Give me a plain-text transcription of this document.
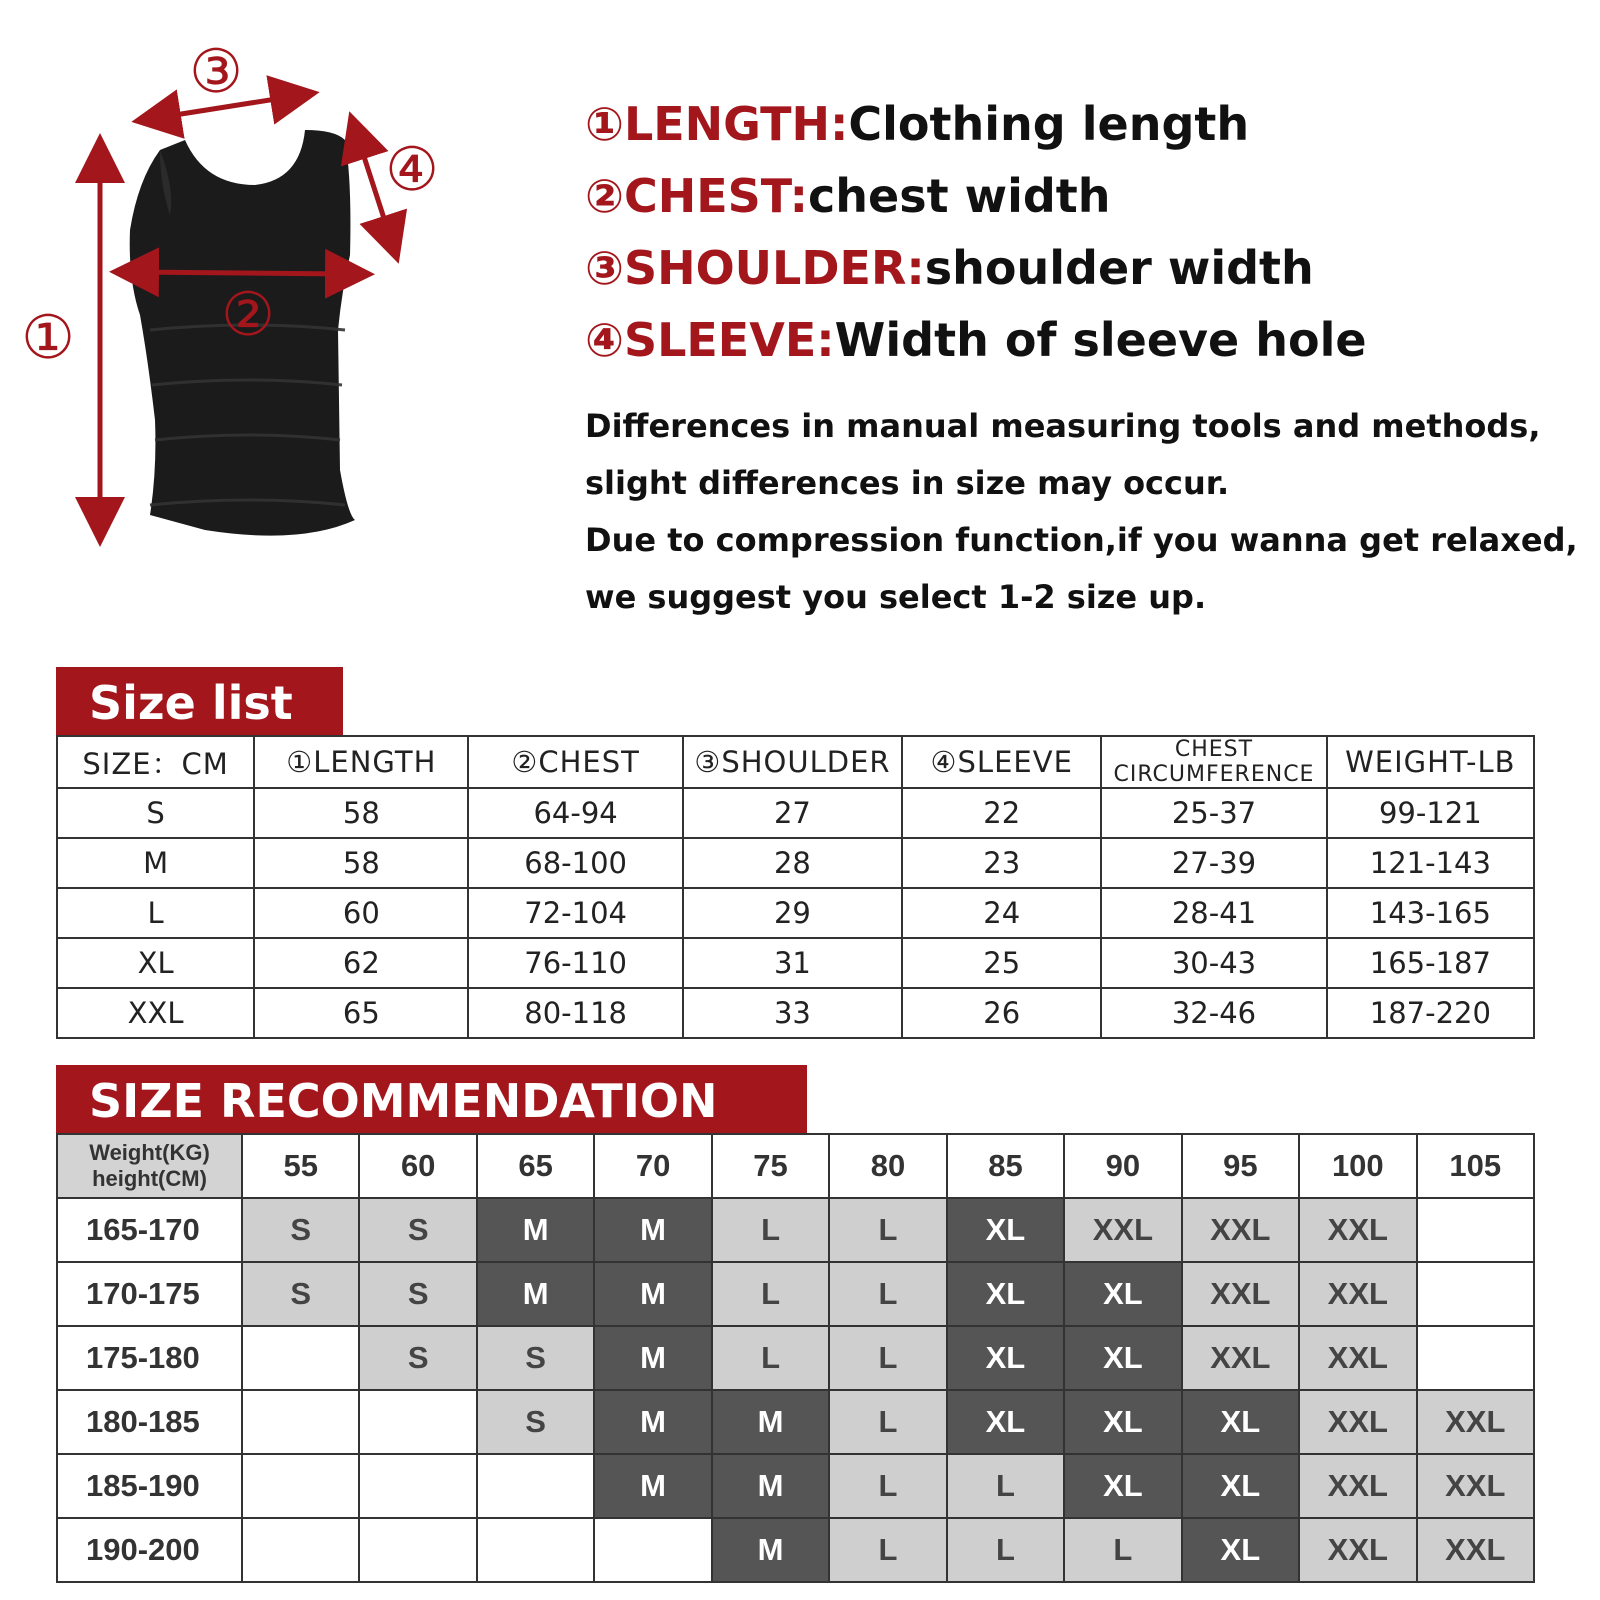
① ②
③
④
①LENGTH: Clothing length
②CHEST: chest width
③SHOULDER: shoulder width
④SLEEVE: Width of sleeve hole
Differences in manual measuring tools and methods,
slight differences in size may occur.
Due to compression function,if you wanna get relaxed,
we suggest you select 1-2 size up.
Size list
SIZE：CM	①LENGTH	②CHEST	③SHOULDER	④SLEEVE	CHEST CIRCUMFERENCE	WEIGHT-LB
S	58	64-94	27	22	25-37	99-121
M	58	68-100	28	23	27-39	121-143
L	60	72-104	29	24	28-41	143-165
XL	62	76-110	31	25	30-43	165-187
XXL	65	80-118	33	26	32-46	187-220
SIZE RECOMMENDATION
Weight(KG)
height(CM)	55	60	65	70	75	80	85	90	95	100	105
165-170	S	S	M	M	L	L	XL	XXL	XXL	XXL	
170-175	S	S	M	M	L	L	XL	XL	XXL	XXL	
175-180		S	S	M	L	L	XL	XL	XXL	XXL	
180-185			S	M	M	L	XL	XL	XL	XXL	XXL
185-190				M	M	L	L	XL	XL	XXL	XXL
190-200					M	L	L	L	XL	XXL	XXL
